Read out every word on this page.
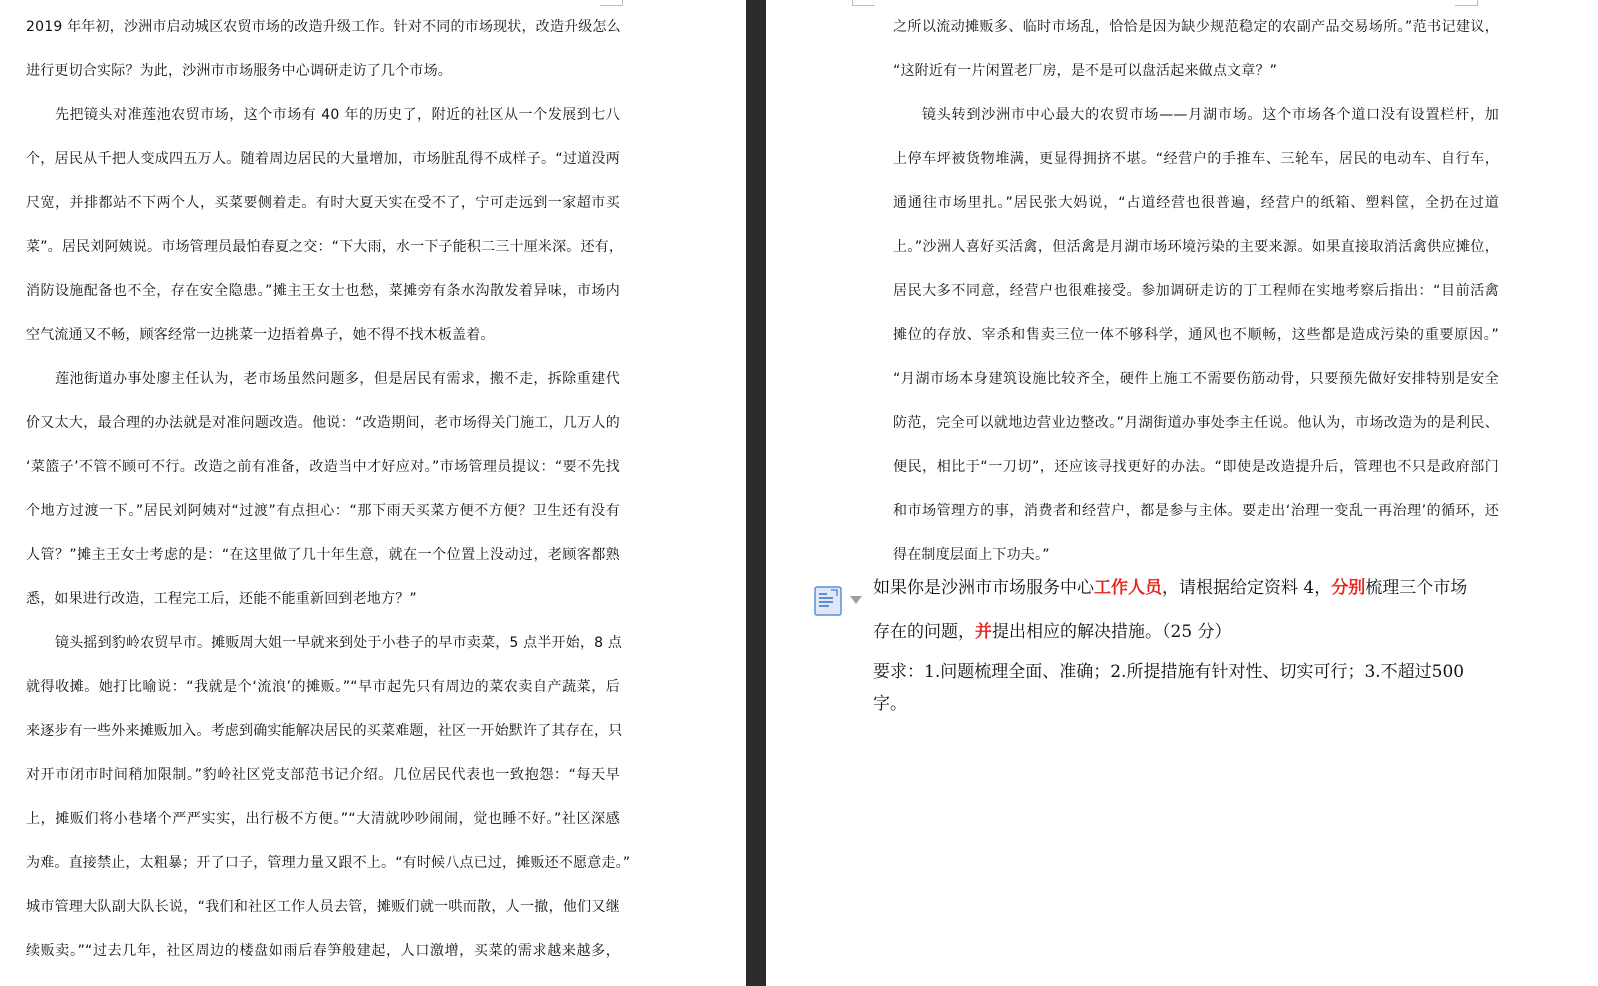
2019 年年初，沙洲市启动城区农贸市场的改造升级工作。针对不同的市场现状，改造升级怎么
进行更切合实际？为此，沙洲市市场服务中心调研走访了几个市场。
先把镜头对准莲池农贸市场，这个市场有 40 年的历史了，附近的社区从一个发展到七八
个，居民从千把人变成四五万人。随着周边居民的大量增加，市场脏乱得不成样子。“过道没两
尺宽，并排都站不下两个人，买菜要侧着走。有时大夏天实在受不了，宁可走远到一家超市买
菜”。居民刘阿姨说。市场管理员最怕春夏之交：“下大雨，水一下子能积二三十厘米深。还有，
消防设施配备也不全，存在安全隐患。”摊主王女士也愁，菜摊旁有条水沟散发着异味，市场内
空气流通又不畅，顾客经常一边挑菜一边捂着鼻子，她不得不找木板盖着。
莲池街道办事处廖主任认为，老市场虽然问题多，但是居民有需求，搬不走，拆除重建代
价又太大，最合理的办法就是对准问题改造。他说：“改造期间，老市场得关门施工，几万人的
‘菜篮子’不管不顾可不行。改造之前有准备，改造当中才好应对。”市场管理员提议：“要不先找
个地方过渡一下。”居民刘阿姨对“过渡”有点担心：“那下雨天买菜方便不方便？卫生还有没有
人管？”摊主王女士考虑的是：“在这里做了几十年生意，就在一个位置上没动过，老顾客都熟
悉，如果进行改造，工程完工后，还能不能重新回到老地方？”
镜头摇到豹岭农贸早市。摊贩周大姐一早就来到处于小巷子的早市卖菜，5 点半开始，8 点
就得收摊。她打比喻说：“我就是个‘流浪’的摊贩。”“早市起先只有周边的菜农卖自产蔬菜，后
来逐步有一些外来摊贩加入。考虑到确实能解决居民的买菜难题，社区一开始默许了其存在，只
对开市闭市时间稍加限制。”豹岭社区党支部范书记介绍。几位居民代表也一致抱怨：“每天早
上，摊贩们将小巷堵个严严实实，出行极不方便。”“大清就吵吵闹闹，觉也睡不好。”社区深感
为难。直接禁止，太粗暴；开了口子，管理力量又跟不上。“有时候八点已过，摊贩还不愿意走。”
城市管理大队副大队长说，“我们和社区工作人员去管，摊贩们就一哄而散，人一撤，他们又继
续贩卖。”“过去几年，社区周边的楼盘如雨后春笋般建起，人口激增，买菜的需求越来越多，
之所以流动摊贩多、临时市场乱，恰恰是因为缺少规范稳定的农副产品交易场所。”范书记建议，
“这附近有一片闲置老厂房，是不是可以盘活起来做点文章？”
镜头转到沙洲市中心最大的农贸市场——月湖市场。这个市场各个道口没有设置栏杆，加
上停车坪被货物堆满，更显得拥挤不堪。“经营户的手推车、三轮车，居民的电动车、自行车，
通通往市场里扎。”居民张大妈说，“占道经营也很普遍，经营户的纸箱、塑料筐，全扔在过道
上。”沙洲人喜好买活禽，但活禽是月湖市场环境污染的主要来源。如果直接取消活禽供应摊位，
居民大多不同意，经营户也很难接受。参加调研走访的丁工程师在实地考察后指出：“目前活禽
摊位的存放、宰杀和售卖三位一体不够科学，通风也不顺畅，这些都是造成污染的重要原因。”
“月湖市场本身建筑设施比较齐全，硬件上施工不需要伤筋动骨，只要预先做好安排特别是安全
防范，完全可以就地边营业边整改。”月湖街道办事处李主任说。他认为，市场改造为的是利民、
便民，相比于“一刀切”，还应该寻找更好的办法。“即使是改造提升后，管理也不只是政府部门
和市场管理方的事，消费者和经营户，都是参与主体。要走出‘治理一变乱一再治理’的循环，还
得在制度层面上下功夫。”
如果你是沙洲市市场服务中心工作人员，请根据给定资料 4，分别梳理三个市场
存在的问题，并提出相应的解决措施。（25 分）
要求：1.问题梳理全面、准确；2.所提措施有针对性、切实可行；3.不超过500
字。
